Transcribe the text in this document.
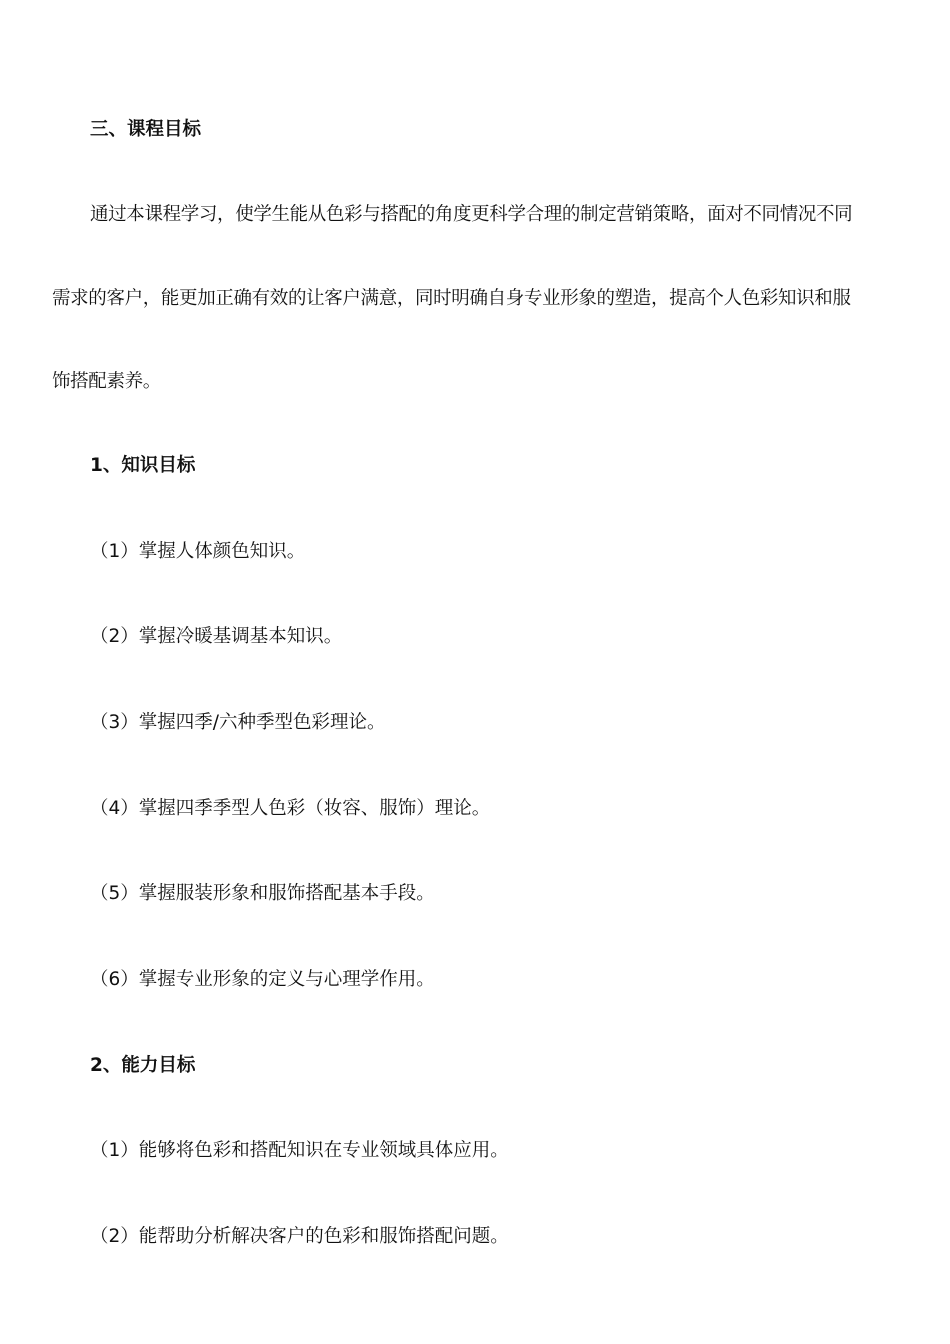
三、课程目标
通过本课程学习，使学生能从色彩与搭配的角度更科学合理的制定营销策略，面对不同情况不同
需求的客户，能更加正确有效的让客户满意，同时明确自身专业形象的塑造，提高个人色彩知识和服
饰搭配素养。
1、知识目标
（1）掌握人体颜色知识。
（2）掌握冷暖基调基本知识。
（3）掌握四季/六种季型色彩理论。
（4）掌握四季季型人色彩（妆容、服饰）理论。
（5）掌握服装形象和服饰搭配基本手段。
（6）掌握专业形象的定义与心理学作用。
2、能力目标
（1）能够将色彩和搭配知识在专业领域具体应用。
（2）能帮助分析解决客户的色彩和服饰搭配问题。
